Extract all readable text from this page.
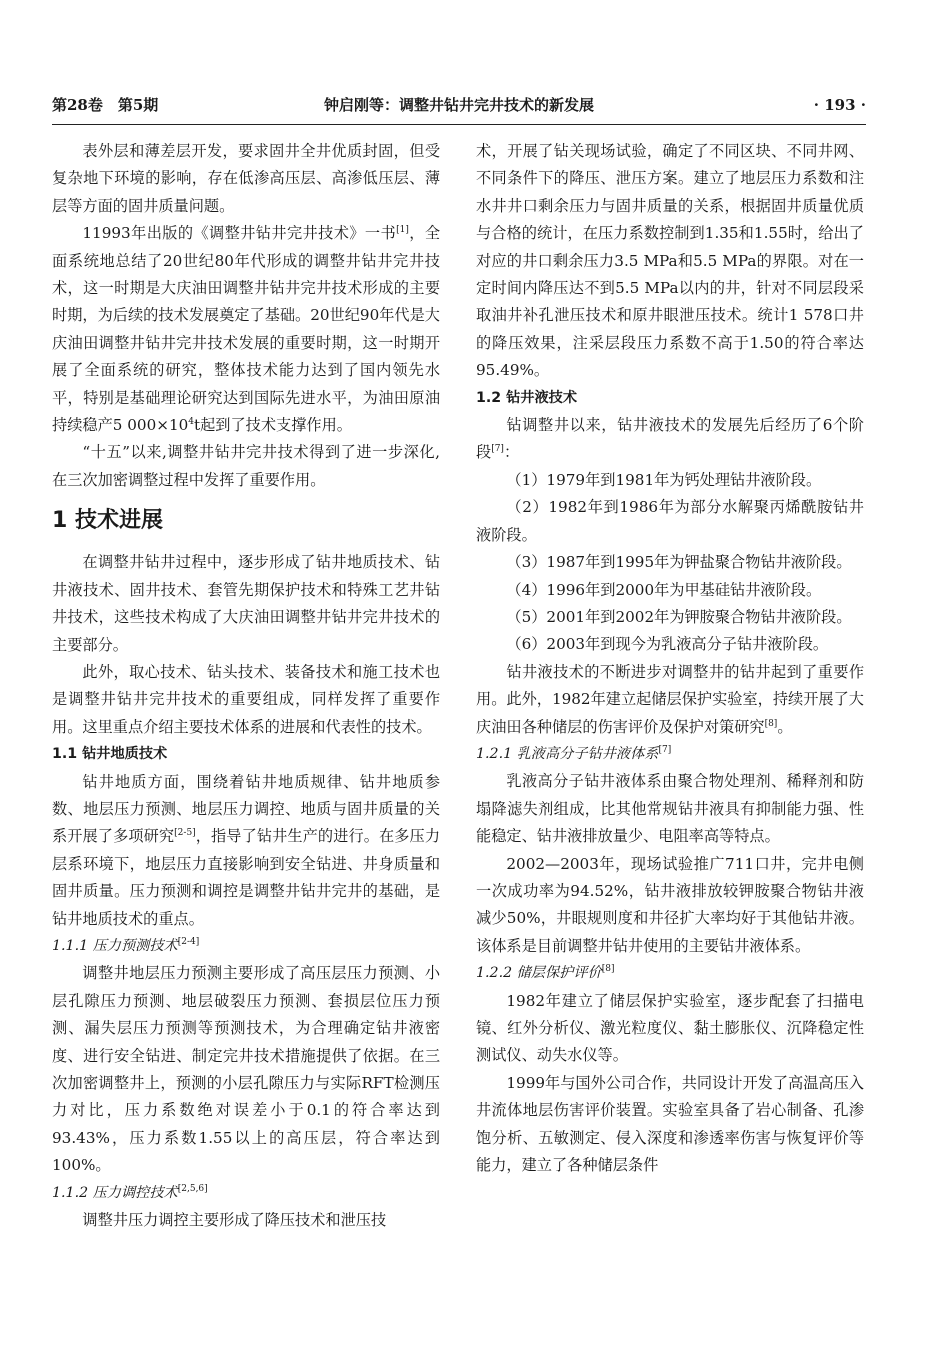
第28卷　第5期	钟启刚等：调整井钻井完井技术的新发展	· 193 ·

表外层和薄差层开发，要求固井全井优质封固，但受复杂地下环境的影响，存在低渗高压层、高渗低压层、薄层等方面的固井质量问题。

11993年出版的《调整井钻井完井技术》一书[1]，全面系统地总结了20世纪80年代形成的调整井钻井完井技术，这一时期是大庆油田调整井钻井完井技术形成的主要时期，为后续的技术发展奠定了基础。20世纪90年代是大庆油田调整井钻井完井技术发展的重要时期，这一时期开展了全面系统的研究，整体技术能力达到了国内领先水平，特别是基础理论研究达到国际先进水平，为油田原油持续稳产5 $000\times 10^4t$起到了技术支撑作用。

“十五”以来,调整井钻井完井技术得到了进一步深化,在三次加密调整过程中发挥了重要作用。

1 技术进展

在调整井钻井过程中，逐步形成了钻井地质技术、钻井液技术、固井技术、套管先期保护技术和特殊工艺井钻井技术，这些技术构成了大庆油田调整井钻井完井技术的主要部分。

此外，取心技术、钻头技术、装备技术和施工技术也是调整井钻井完井技术的重要组成，同样发挥了重要作用。这里重点介绍主要技术体系的进展和代表性的技术。

1.1 钻井地质技术

钻井地质方面，围绕着钻井地质规律、钻井地质参数、地层压力预测、地层压力调控、地质与固井质量的关系开展了多项研究[2-5]，指导了钻井生产的进行。在多压力层系环境下，地层压力直接影响到安全钻进、井身质量和固井质量。压力预测和调控是调整井钻井完井的基础，是钻井地质技术的重点。

1.1.1 压力预测技术[2-4]

调整井地层压力预测主要形成了高压层压力预测、小层孔隙压力预测、地层破裂压力预测、套损层位压力预测、漏失层压力预测等预测技术，为合理确定钻井液密度、进行安全钻进、制定完井技术措施提供了依据。在三次加密调整井上，预测的小层孔隙压力与实际RFT检测压力对比，压力系数绝对误差小于0.1的符合率达到93.43%，压力系数1.55以上的高压层，符合率达到100%。

1.1.2 压力调控技术[2,5,6]

调整井压力调控主要形成了降压技术和泄压技

术，开展了钻关现场试验，确定了不同区块、不同井网、不同条件下的降压、泄压方案。建立了地层压力系数和注水井井口剩余压力与固井质量的关系，根据固井质量优质与合格的统计，在压力系数控制到1.35和1.55时，给出了对应的井口剩余压力3.5 MPa和5.5 MPa的界限。对在一定时间内降压达不到5.5 MPa以内的井，针对不同层段采取油井补孔泄压技术和原井眼泄压技术。统计1 578口井的降压效果，注采层段压力系数不高于1.50的符合率达95.49%。

1.2 钻井液技术

钻调整井以来，钻井液技术的发展先后经历了6个阶段[7]：

（1）1979年到1981年为钙处理钻井液阶段。

（2）1982年到1986年为部分水解聚丙烯酰胺钻井液阶段。

（3）1987年到1995年为钾盐聚合物钻井液阶段。

（4）1996年到2000年为甲基硅钻井液阶段。

（5）2001年到2002年为钾胺聚合物钻井液阶段。

（6）2003年到现今为乳液高分子钻井液阶段。

钻井液技术的不断进步对调整井的钻井起到了重要作用。此外，1982年建立起储层保护实验室，持续开展了大庆油田各种储层的伤害评价及保护对策研究[8]。

1.2.1 乳液高分子钻井液体系[7]

乳液高分子钻井液体系由聚合物处理剂、稀释剂和防塌降滤失剂组成，比其他常规钻井液具有抑制能力强、性能稳定、钻井液排放量少、电阻率高等特点。

2002—2003年，现场试验推广711口井，完井电侧一次成功率为94.52%，钻井液排放较钾胺聚合物钻井液减少50%，井眼规则度和井径扩大率均好于其他钻井液。该体系是目前调整井钻井使用的主要钻井液体系。

1.2.2 储层保护评价[8]

1982年建立了储层保护实验室，逐步配套了扫描电镜、红外分析仪、激光粒度仪、黏土膨胀仪、沉降稳定性测试仪、动失水仪等。

1999年与国外公司合作，共同设计开发了高温高压入井流体地层伤害评价装置。实验室具备了岩心制备、孔渗饱分析、五敏测定、侵入深度和渗透率伤害与恢复评价等能力，建立了各种储层条件
